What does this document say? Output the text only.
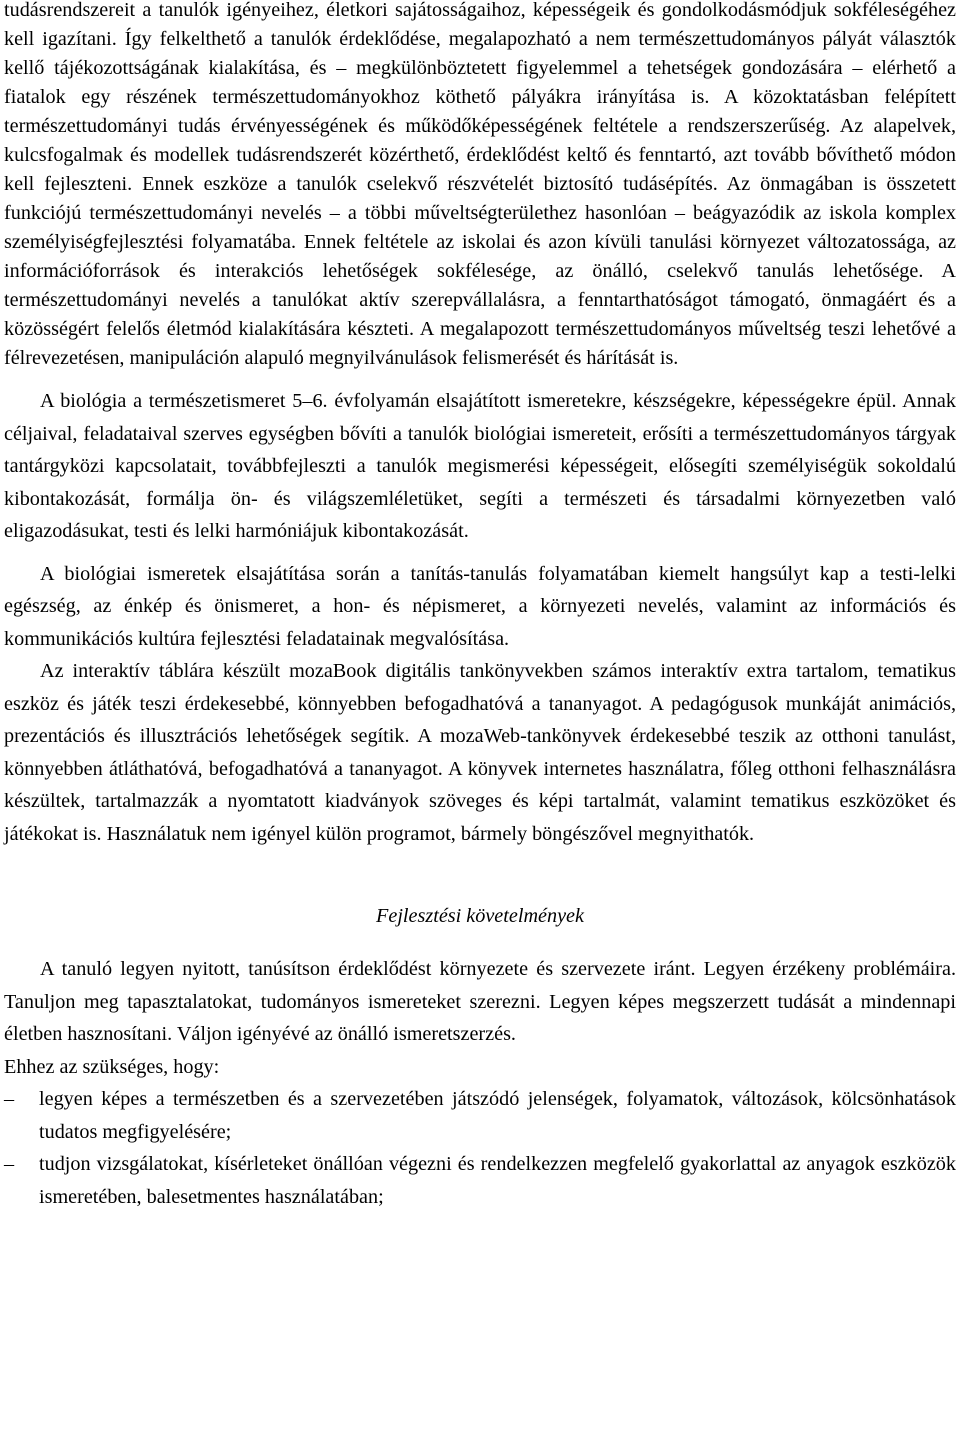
tudásrendszereit a tanulók igényeihez, életkori sajátosságaihoz, képességeik és gondolkodásmódjuk sokféleségéhez kell igazítani. Így felkelthető a tanulók érdeklődése, megalapozható a nem természettudományos pályát választók kellő tájékozottságának kialakítása, és – megkülönböztetett figyelemmel a tehetségek gondozására – elérhető a fiatalok egy részének természettudományokhoz köthető pályákra irányítása is. A közoktatásban felépített természettudományi tudás érvényességének és működőképességének feltétele a rendszerszerűség. Az alapelvek, kulcsfogalmak és modellek tudásrendszerét közérthető, érdeklődést keltő és fenntartó, azt tovább bővíthető módon kell fejleszteni. Ennek eszköze a tanulók cselekvő részvételét biztosító tudásépítés. Az önmagában is összetett funkciójú természettudományi nevelés – a többi műveltségterülethez hasonlóan – beágyazódik az iskola komplex személyiségfejlesztési folyamatába. Ennek feltétele az iskolai és azon kívüli tanulási környezet változatossága, az információforrások és interakciós lehetőségek sokfélesége, az önálló, cselekvő tanulás lehetősége. A természettudományi nevelés a tanulókat aktív szerepvállalásra, a fenntarthatóságot támogató, önmagáért és a közösségért felelős életmód kialakítására készteti. A megalapozott természettudományos műveltség teszi lehetővé a félrevezetésen, manipuláción alapuló megnyilvánulások felismerését és hárítását is.

A biológia a természetismeret 5–6. évfolyamán elsajátított ismeretekre, készségekre, képességekre épül. Annak céljaival, feladataival szerves egységben bővíti a tanulók biológiai ismereteit, erősíti a természettudományos tárgyak tantárgyközi kapcsolatait, továbbfejleszti a tanulók megismerési képességeit, elősegíti személyiségük sokoldalú kibontakozását, formálja ön- és világszemléletüket, segíti a természeti és társadalmi környezetben való eligazodásukat, testi és lelki harmóniájuk kibontakozását.

A biológiai ismeretek elsajátítása során a tanítás-tanulás folyamatában kiemelt hangsúlyt kap a testi-lelki egészség, az énkép és önismeret, a hon- és népismeret, a környezeti nevelés, valamint az információs és kommunikációs kultúra fejlesztési feladatainak megvalósítása.

Az interaktív táblára készült mozaBook digitális tankönyvekben számos interaktív extra tartalom, tematikus eszköz és játék teszi érdekesebbé, könnyebben befogadhatóvá a tananyagot. A pedagógusok munkáját animációs, prezentációs és illusztrációs lehetőségek segítik. A mozaWeb-tankönyvek érdekesebbé teszik az otthoni tanulást, könnyebben átláthatóvá, befogadhatóvá a tananyagot. A könyvek internetes használatra, főleg otthoni felhasználásra készültek, tartalmazzák a nyomtatott kiadványok szöveges és képi tartalmát, valamint tematikus eszközöket és játékokat is. Használatuk nem igényel külön programot, bármely böngészővel megnyithatók.

Fejlesztési követelmények

A tanuló legyen nyitott, tanúsítson érdeklődést környezete és szervezete iránt. Legyen érzékeny problémáira. Tanuljon meg tapasztalatokat, tudományos ismereteket szerezni. Legyen képes megszerzett tudását a mindennapi életben hasznosítani. Váljon igényévé az önálló ismeretszerzés.

Ehhez az szükséges, hogy:

–	legyen képes a természetben és a szervezetében játszódó jelenségek, folyamatok, változások, kölcsönhatások tudatos megfigyelésére;
–	tudjon vizsgálatokat, kísérleteket önállóan végezni és rendelkezzen megfelelő gyakorlattal az anyagok eszközök ismeretében, balesetmentes használatában;
